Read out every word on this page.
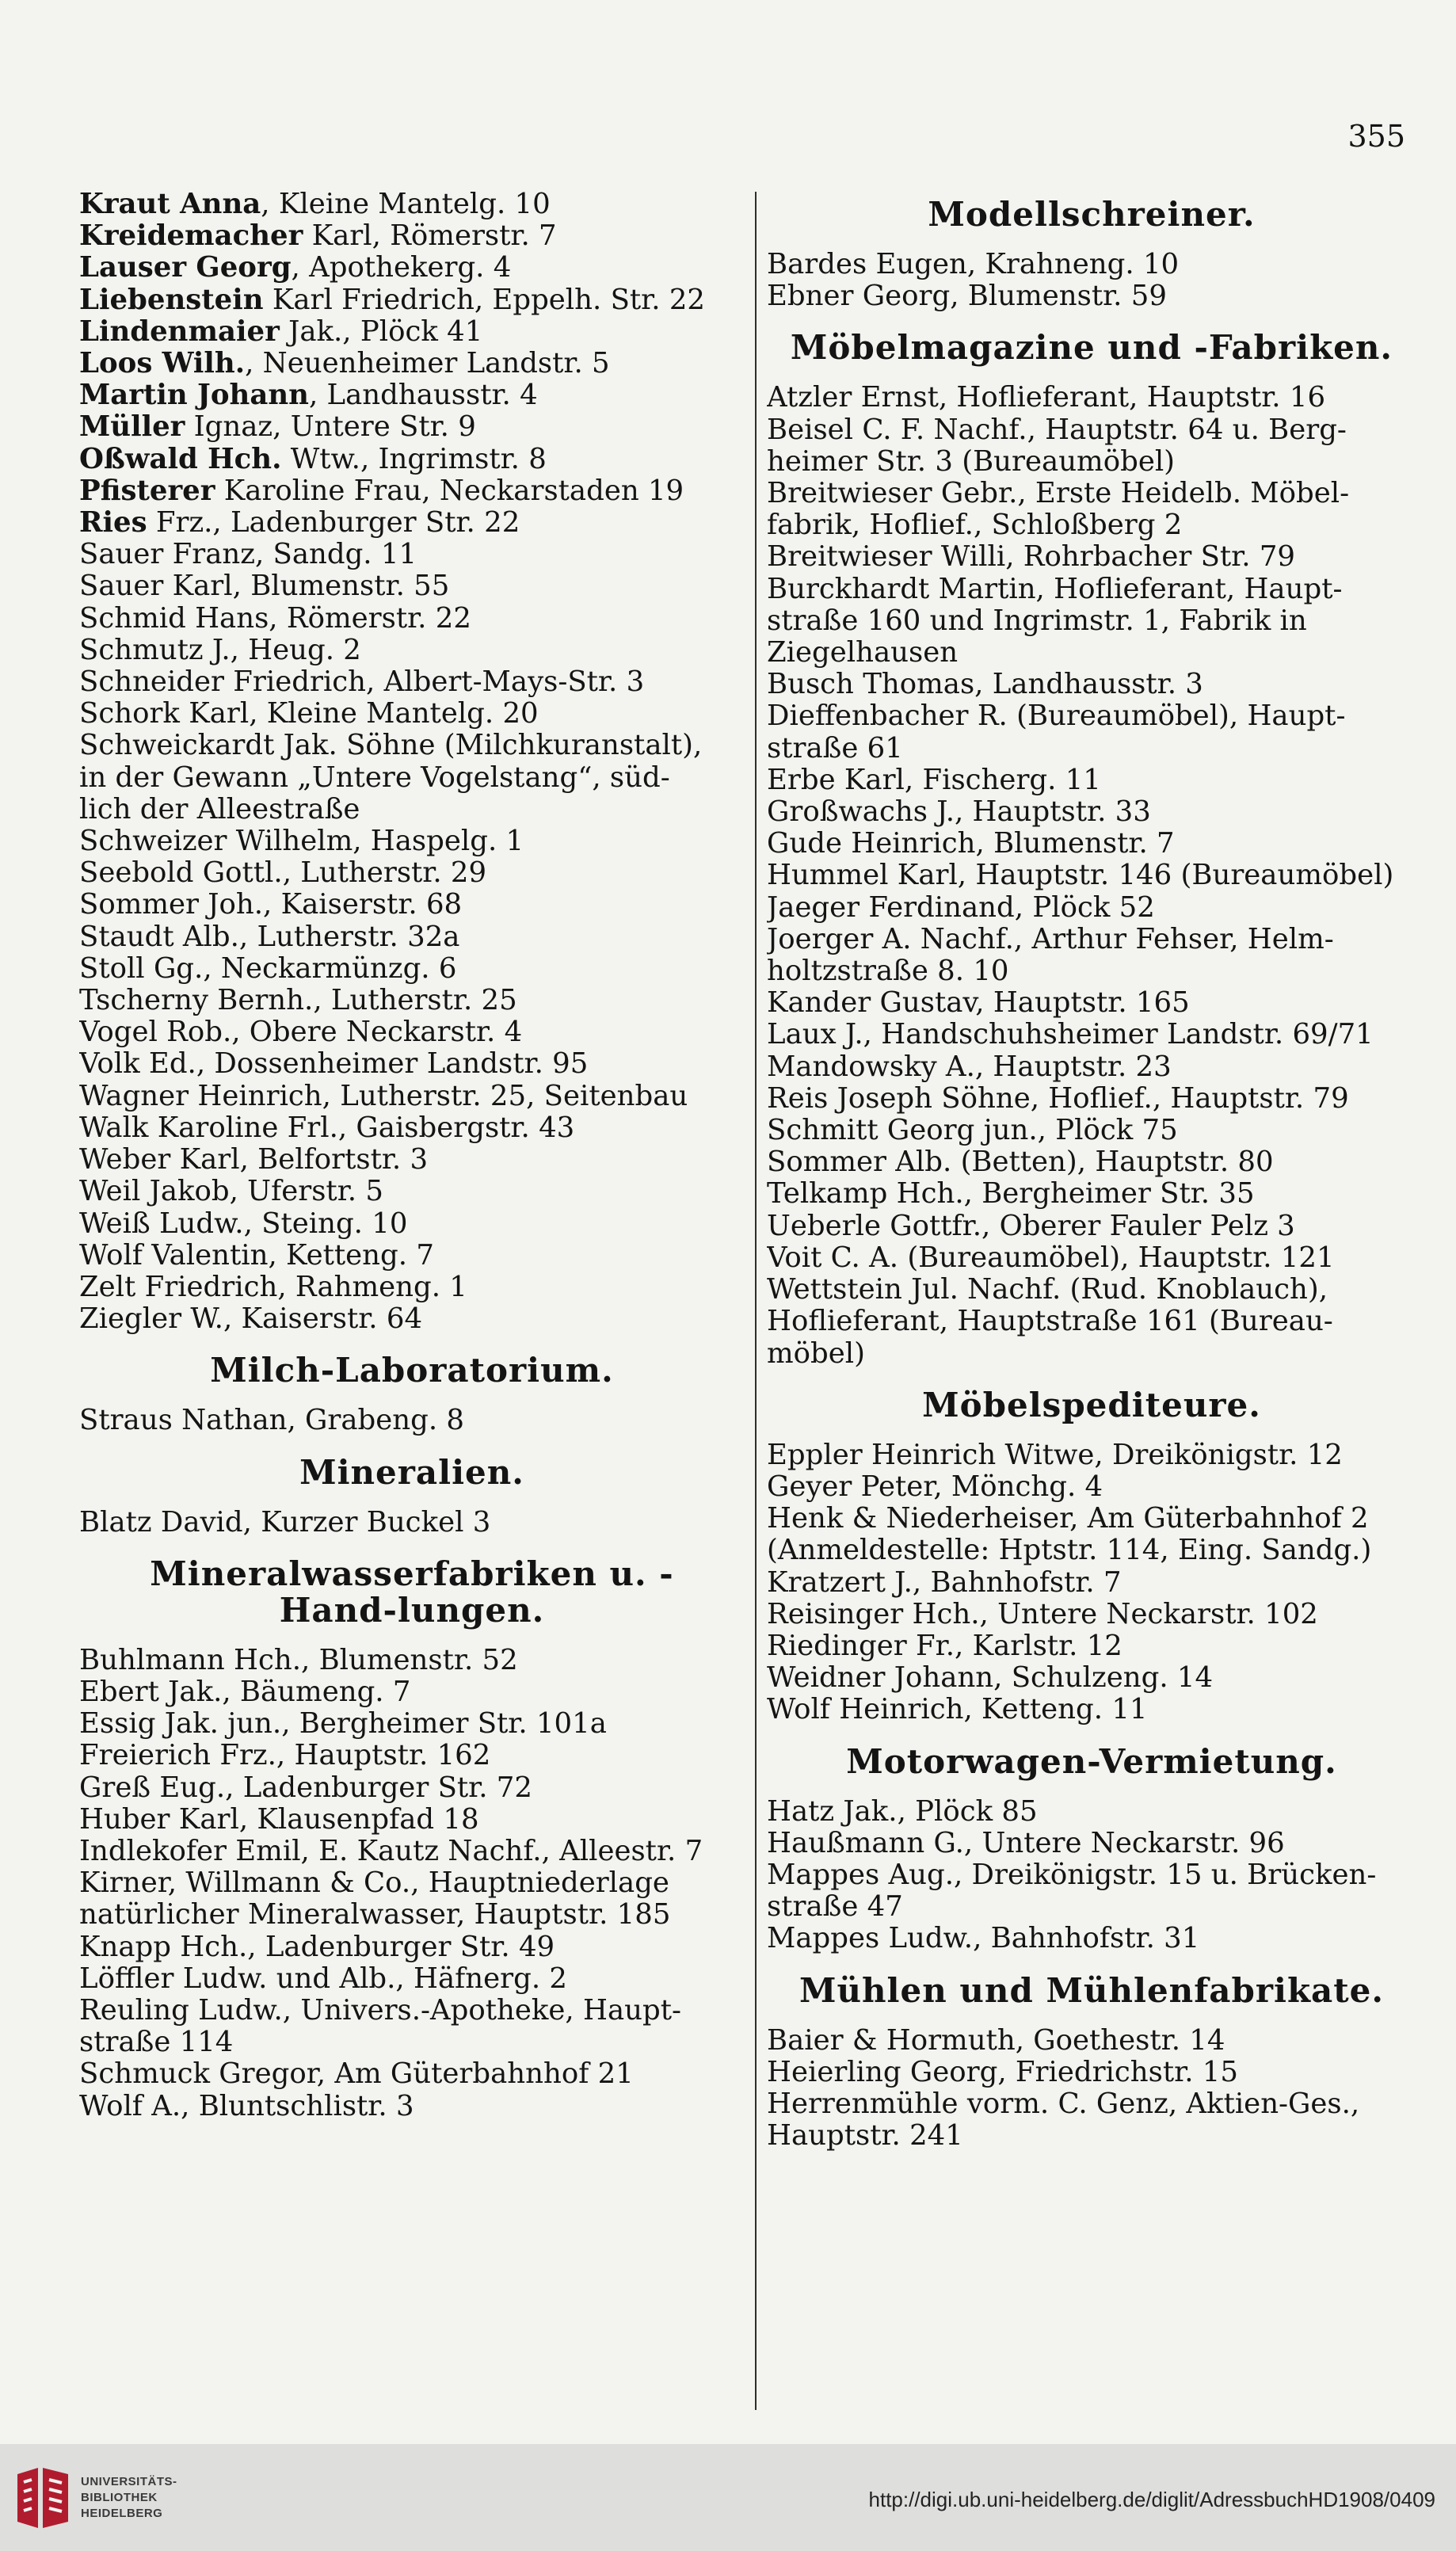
355

Kraut Anna, Kleine Mantelg. 10

Kreidemacher Karl, Römerstr. 7

Lauser Georg, Apothekerg. 4

Liebenstein Karl Friedrich, Eppelh. Str. 22

Lindenmaier Jak., Plöck 41

Loos Wilh., Neuenheimer Landstr. 5

Martin Johann, Landhausstr. 4

Müller Ignaz, Untere Str. 9

Oßwald Hch. Wtw., Ingrimstr. 8

Pfisterer Karoline Frau, Neckarstaden 19

Ries Frz., Ladenburger Str. 22

Sauer Franz, Sandg. 11

Sauer Karl, Blumenstr. 55

Schmid Hans, Römerstr. 22

Schmutz J., Heug. 2

Schneider Friedrich, Albert-Mays-Str. 3

Schork Karl, Kleine Mantelg. 20

Schweickardt Jak. Söhne (Milchkuranstalt),

in der Gewann „Untere Vogelstang“, süd-

lich der Alleestraße

Schweizer Wilhelm, Haspelg. 1

Seebold Gottl., Lutherstr. 29

Sommer Joh., Kaiserstr. 68

Staudt Alb., Lutherstr. 32a

Stoll Gg., Neckarmünzg. 6

Tscherny Bernh., Lutherstr. 25

Vogel Rob., Obere Neckarstr. 4

Volk Ed., Dossenheimer Landstr. 95

Wagner Heinrich, Lutherstr. 25, Seitenbau

Walk Karoline Frl., Gaisbergstr. 43

Weber Karl, Belfortstr. 3

Weil Jakob, Uferstr. 5

Weiß Ludw., Steing. 10

Wolf Valentin, Ketteng. 7

Zelt Friedrich, Rahmeng. 1

Ziegler W., Kaiserstr. 64

Milch-Laboratorium.

Straus Nathan, Grabeng. 8

Mineralien.

Blatz David, Kurzer Buckel 3

Mineralwasserfabriken u. -Hand-lungen.

Buhlmann Hch., Blumenstr. 52

Ebert Jak., Bäumeng. 7

Essig Jak. jun., Bergheimer Str. 101a

Freierich Frz., Hauptstr. 162

Greß Eug., Ladenburger Str. 72

Huber Karl, Klausenpfad 18

Indlekofer Emil, E. Kautz Nachf., Alleestr. 7

Kirner, Willmann & Co., Hauptniederlage

natürlicher Mineralwasser, Hauptstr. 185

Knapp Hch., Ladenburger Str. 49

Löffler Ludw. und Alb., Häfnerg. 2

Reuling Ludw., Univers.-Apotheke, Haupt-

straße 114

Schmuck Gregor, Am Güterbahnhof 21

Wolf A., Bluntschlistr. 3

Modellschreiner.

Bardes Eugen, Krahneng. 10

Ebner Georg, Blumenstr. 59

Möbelmagazine und -Fabriken.

Atzler Ernst, Hoflieferant, Hauptstr. 16

Beisel C. F. Nachf., Hauptstr. 64 u. Berg-

heimer Str. 3 (Bureaumöbel)

Breitwieser Gebr., Erste Heidelb. Möbel-

fabrik, Hoflief., Schloßberg 2

Breitwieser Willi, Rohrbacher Str. 79

Burckhardt Martin, Hoflieferant, Haupt-

straße 160 und Ingrimstr. 1, Fabrik in

Ziegelhausen

Busch Thomas, Landhausstr. 3

Dieffenbacher R. (Bureaumöbel), Haupt-

straße 61

Erbe Karl, Fischerg. 11

Großwachs J., Hauptstr. 33

Gude Heinrich, Blumenstr. 7

Hummel Karl, Hauptstr. 146 (Bureaumöbel)

Jaeger Ferdinand, Plöck 52

Joerger A. Nachf., Arthur Fehser, Helm-

holtzstraße 8. 10

Kander Gustav, Hauptstr. 165

Laux J., Handschuhsheimer Landstr. 69/71

Mandowsky A., Hauptstr. 23

Reis Joseph Söhne, Hoflief., Hauptstr. 79

Schmitt Georg jun., Plöck 75

Sommer Alb. (Betten), Hauptstr. 80

Telkamp Hch., Bergheimer Str. 35

Ueberle Gottfr., Oberer Fauler Pelz 3

Voit C. A. (Bureaumöbel), Hauptstr. 121

Wettstein Jul. Nachf. (Rud. Knoblauch),

Hoflieferant, Hauptstraße 161 (Bureau-

möbel)

Möbelspediteure.

Eppler Heinrich Witwe, Dreikönigstr. 12

Geyer Peter, Mönchg. 4

Henk & Niederheiser, Am Güterbahnhof 2

(Anmeldestelle: Hptstr. 114, Eing. Sandg.)

Kratzert J., Bahnhofstr. 7

Reisinger Hch., Untere Neckarstr. 102

Riedinger Fr., Karlstr. 12

Weidner Johann, Schulzeng. 14

Wolf Heinrich, Ketteng. 11

Motorwagen-Vermietung.

Hatz Jak., Plöck 85

Haußmann G., Untere Neckarstr. 96

Mappes Aug., Dreikönigstr. 15 u. Brücken-

straße 47

Mappes Ludw., Bahnhofstr. 31

Mühlen und Mühlenfabrikate.

Baier & Hormuth, Goethestr. 14

Heierling Georg, Friedrichstr. 15

Herrenmühle vorm. C. Genz, Aktien-Ges.,

Hauptstr. 241

UNIVERSITÄTS-
BIBLIOTHEK
HEIDELBERG
http://digi.ub.uni-heidelberg.de/diglit/AdressbuchHD1908/0409
